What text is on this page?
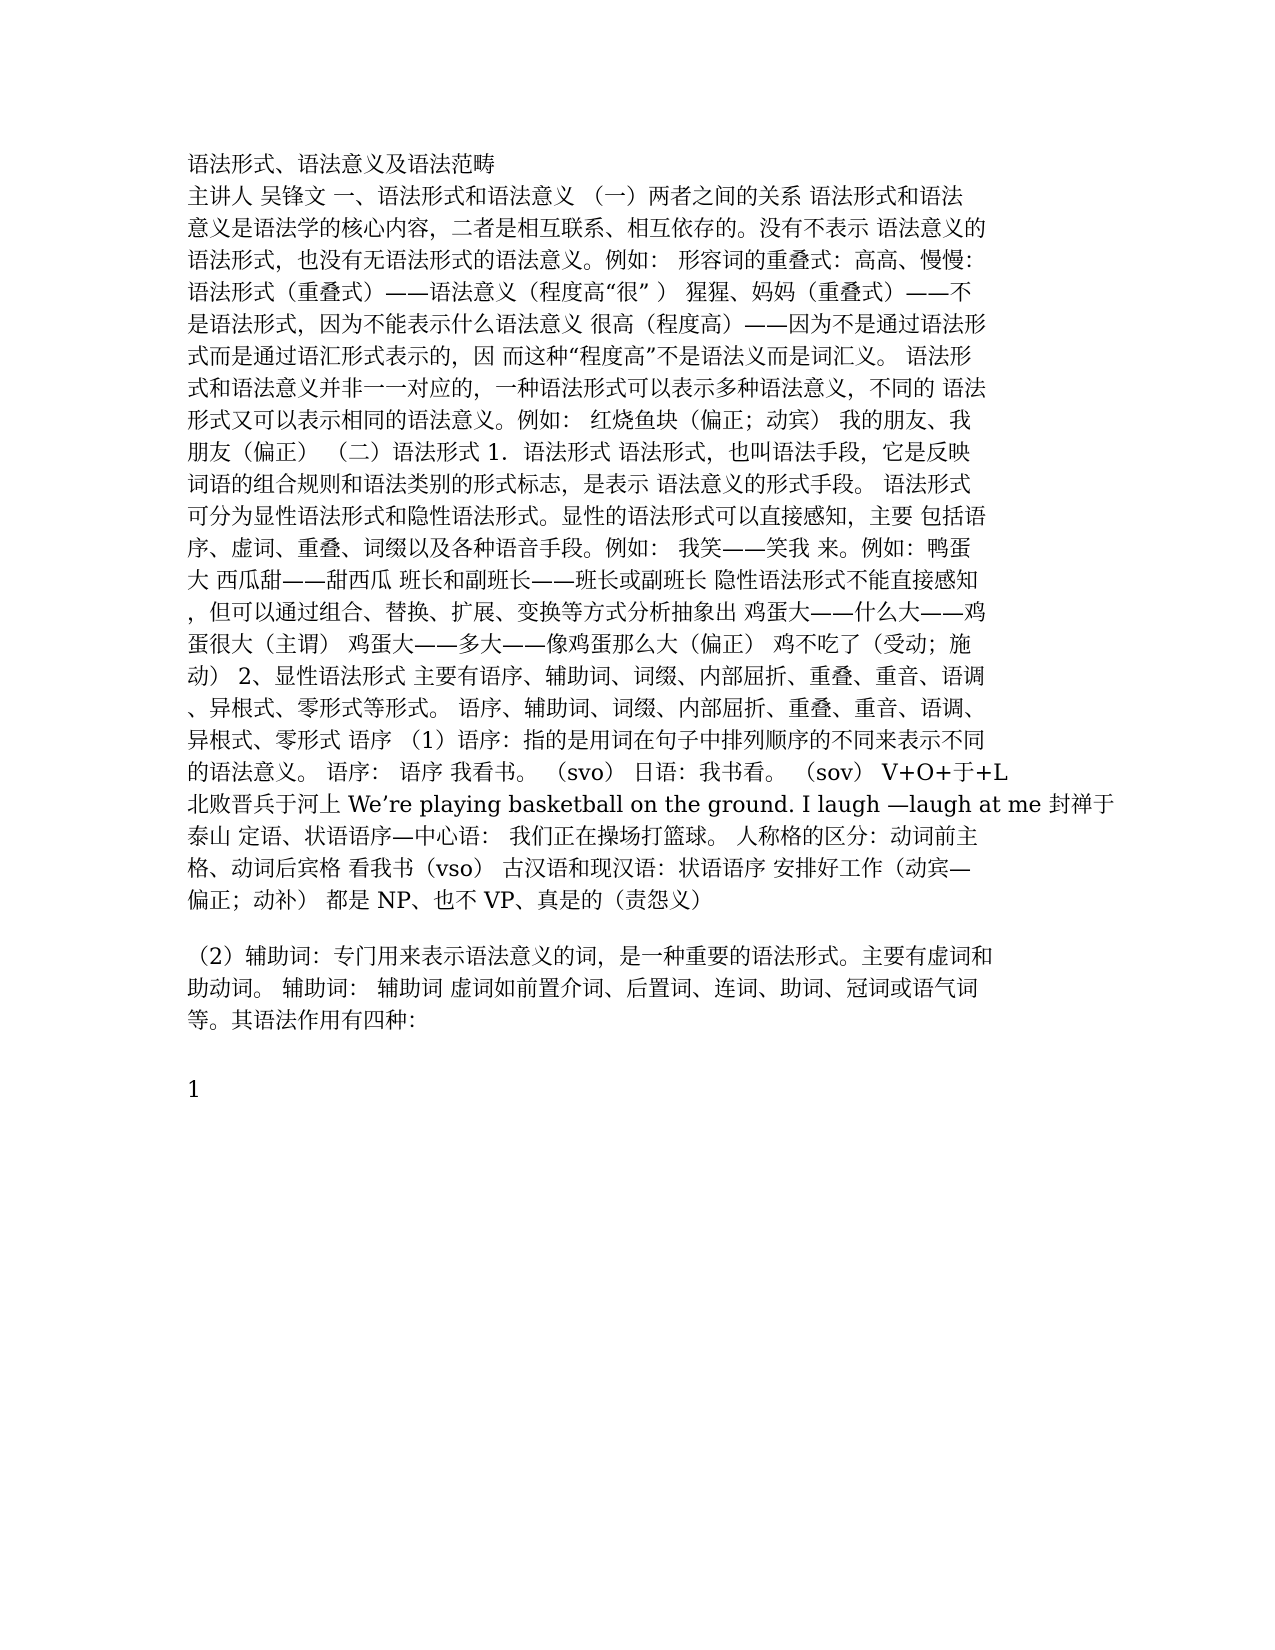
语法形式、语法意义及语法范畴
主讲人 吴锋文 一、语法形式和语法意义 （一）两者之间的关系 语法形式和语法
意义是语法学的核心内容，二者是相互联系、相互依存的。没有不表示 语法意义的
语法形式，也没有无语法形式的语法意义。例如： 形容词的重叠式：高高、慢慢：
语法形式（重叠式）——语法意义（程度高“很” ） 猩猩、妈妈（重叠式）——不
是语法形式，因为不能表示什么语法意义 很高（程度高）——因为不是通过语法形
式而是通过语汇形式表示的，因 而这种“程度高”不是语法义而是词汇义。 语法形
式和语法意义并非一一对应的，一种语法形式可以表示多种语法意义，不同的 语法
形式又可以表示相同的语法意义。例如： 红烧鱼块（偏正；动宾） 我的朋友、我
朋友（偏正） （二）语法形式 1．语法形式 语法形式，也叫语法手段，它是反映
词语的组合规则和语法类别的形式标志，是表示 语法意义的形式手段。 语法形式
可分为显性语法形式和隐性语法形式。显性的语法形式可以直接感知，主要 包括语
序、虚词、重叠、词缀以及各种语音手段。例如： 我笑——笑我 来。例如：鸭蛋
大 西瓜甜——甜西瓜 班长和副班长——班长或副班长 隐性语法形式不能直接感知
，但可以通过组合、替换、扩展、变换等方式分析抽象出 鸡蛋大——什么大——鸡
蛋很大（主谓） 鸡蛋大——多大——像鸡蛋那么大（偏正） 鸡不吃了（受动；施
动） 2、显性语法形式 主要有语序、辅助词、词缀、内部屈折、重叠、重音、语调
、异根式、零形式等形式。 语序、辅助词、词缀、内部屈折、重叠、重音、语调、
异根式、零形式 语序 （1）语序：指的是用词在句子中排列顺序的不同来表示不同
的语法意义。 语序： 语序 我看书。 （svo） 日语：我书看。 （sov） V+O+于+L
北败晋兵于河上 We’re playing basketball on the ground. I laugh —laugh at me 封禅于
泰山 定语、状语语序—中心语： 我们正在操场打篮球。 人称格的区分：动词前主
格、动词后宾格 看我书（vso） 古汉语和现汉语：状语语序 安排好工作（动宾—
偏正；动补） 都是 NP、也不 VP、真是的（责怨义）
（2）辅助词：专门用来表示语法意义的词，是一种重要的语法形式。主要有虚词和
助动词。 辅助词： 辅助词 虚词如前置介词、后置词、连词、助词、冠词或语气词
等。其语法作用有四种：
1
